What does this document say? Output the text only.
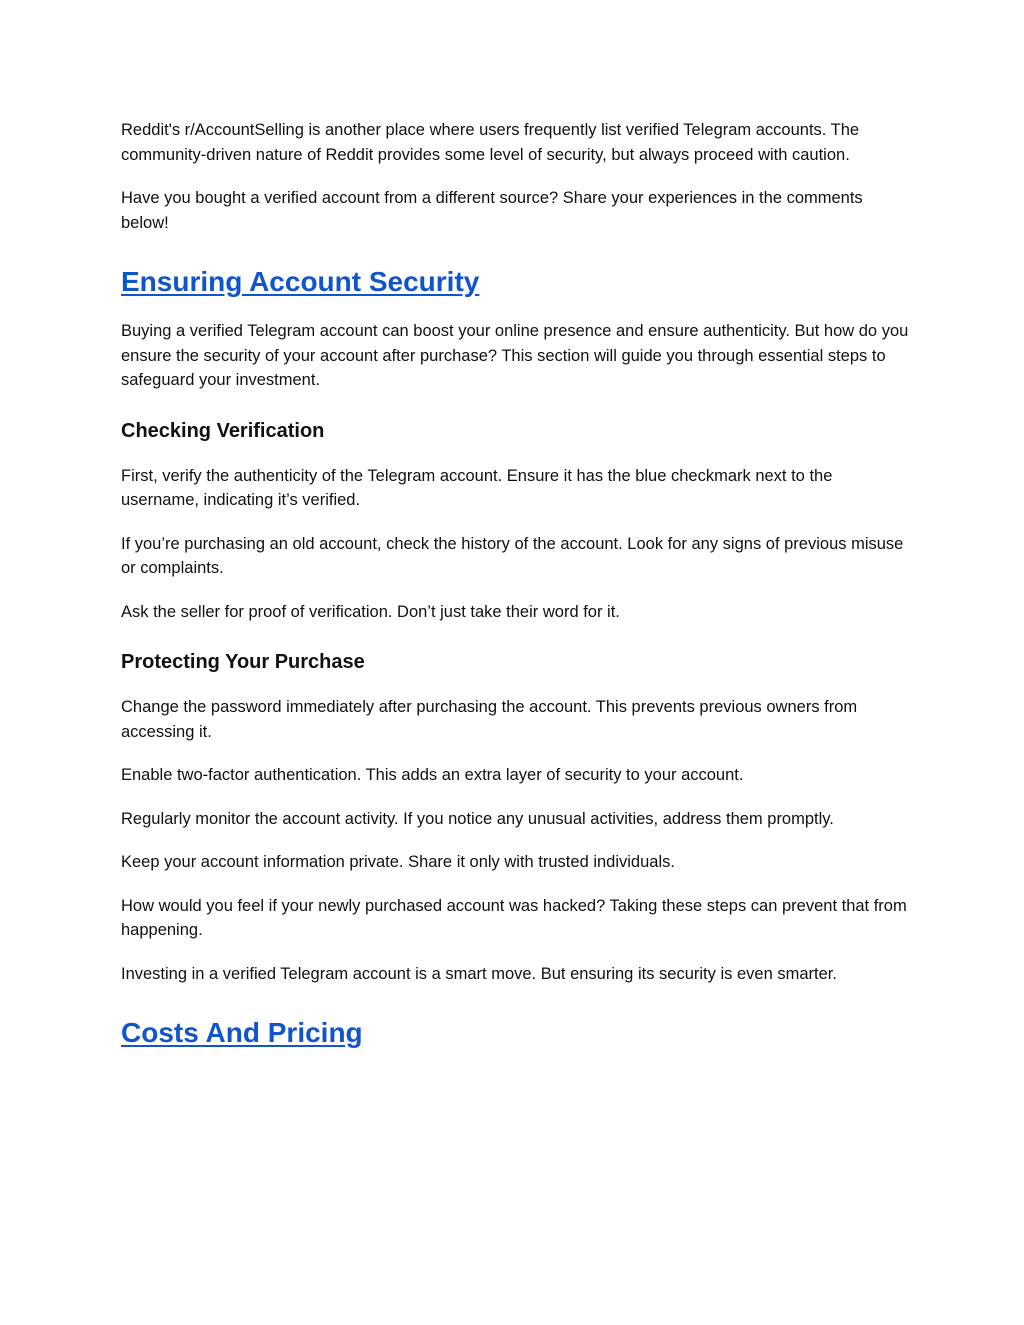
Reddit's r/AccountSelling is another place where users frequently list verified Telegram accounts. The community-driven nature of Reddit provides some level of security, but always proceed with caution.

Have you bought a verified account from a different source? Share your experiences in the comments below!

Ensuring Account Security

Buying a verified Telegram account can boost your online presence and ensure authenticity. But how do you ensure the security of your account after purchase? This section will guide you through essential steps to safeguard your investment.

Checking Verification

First, verify the authenticity of the Telegram account. Ensure it has the blue checkmark next to the username, indicating it’s verified.

If you’re purchasing an old account, check the history of the account. Look for any signs of previous misuse or complaints.

Ask the seller for proof of verification. Don’t just take their word for it.

Protecting Your Purchase

Change the password immediately after purchasing the account. This prevents previous owners from accessing it.

Enable two-factor authentication. This adds an extra layer of security to your account.

Regularly monitor the account activity. If you notice any unusual activities, address them promptly.

Keep your account information private. Share it only with trusted individuals.

How would you feel if your newly purchased account was hacked? Taking these steps can prevent that from happening.

Investing in a verified Telegram account is a smart move. But ensuring its security is even smarter.

Costs And Pricing
